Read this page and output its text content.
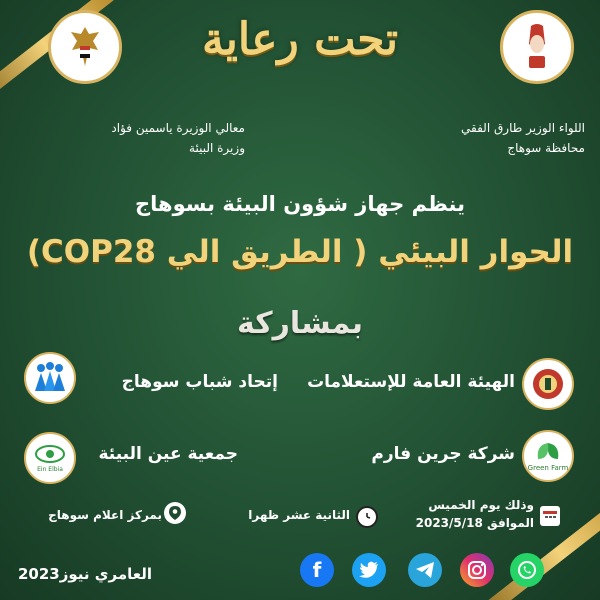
تحت رعاية
معالي الوزيرة ياسمين فؤاد
وزيرة البيئة
اللواء الوزير طارق الفقي
محافظة سوهاج
ينظم جهاز شؤون البيئة بسوهاج
الحوار البيئي ( الطريق الي COP28)
بمشاركة
الهيئة العامة للإستعلامات
إتحاد شباب سوهاج
Green Farm
شركة جرين فارم
Ein Elbia
جمعية عين البيئة
وذلك يوم الخميس
الموافق 2023/5/18
الثانية عشر ظهرا
بمركز اعلام سوهاج
العامري نيوز2023	f
